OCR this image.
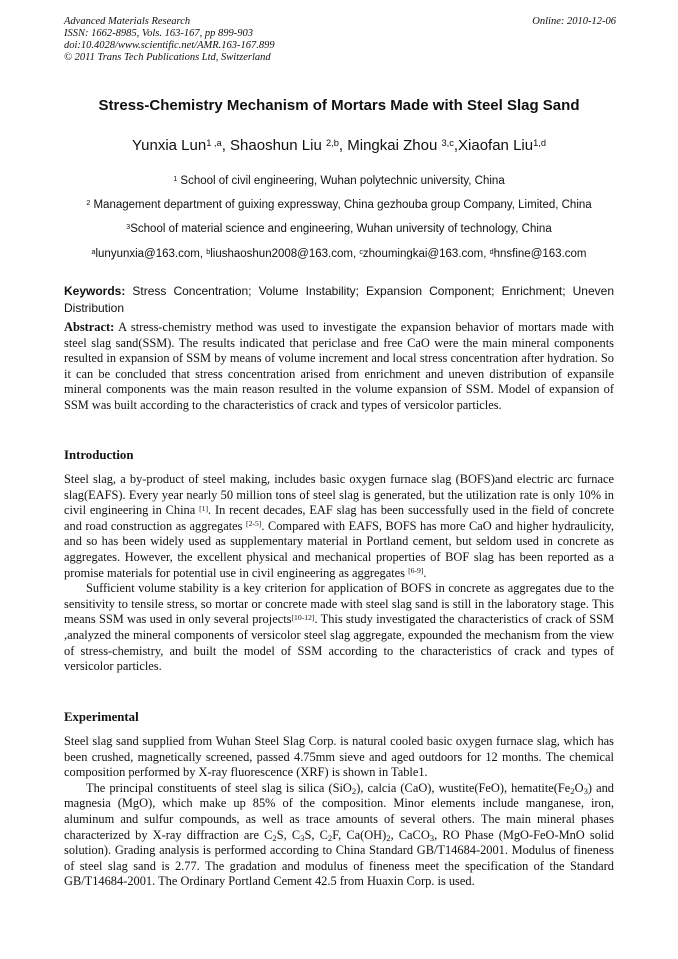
Advanced Materials Research	Online: 2010-12-06
ISSN: 1662-8985, Vols. 163-167, pp 899-903
doi:10.4028/www.scientific.net/AMR.163-167.899
© 2011 Trans Tech Publications Ltd, Switzerland
Stress-Chemistry Mechanism of Mortars Made with Steel Slag Sand
Yunxia Lun$^{1 ,a}$, Shaoshun Liu $^{2,b}$, Mingkai Zhou $^{3,c}$,Xiaofan Liu$^{1,d}$
$^1$ School of civil engineering, Wuhan polytechnic university, China
$^2$ Management department of guixing expressway, China gezhouba group Company, Limited, China
$^3$School of material science and engineering, Wuhan university of technology, China
$^a$lunyunxia@163.com, $^b$liushaoshun2008@163.com, $^c$zhoumingkai@163.com, $^d$hnsfine@163.com
Keywords: Stress Concentration; Volume Instability; Expansion Component; Enrichment; Uneven Distribution
Abstract: A stress-chemistry method was used to investigate the expansion behavior of mortars made with steel slag sand(SSM). The results indicated that periclase and free CaO were the main mineral components resulted in expansion of SSM by means of volume increment and local stress concentration after hydration. So it can be concluded that stress concentration arised from enrichment and uneven distribution of expansile mineral components was the main reason resulted in the volume expansion of SSM. Model of expansion of SSM was built according to the characteristics of crack and types of versicolor particles.
Introduction

Steel slag, a by-product of steel making, includes basic oxygen furnace slag (BOFS)and electric arc furnace slag(EAFS). Every year nearly 50 million tons of steel slag is generated, but the utilization rate is only 10% in civil engineering in China [1]. In recent decades, EAF slag has been successfully used in the field of concrete and road construction as aggregates [2-5]. Compared with EAFS, BOFS has more CaO and higher hydraulicity, and so has been widely used as supplementary material in Portland cement, but seldom used in concrete as aggregates. However, the excellent physical and mechanical properties of BOF slag has been reported as a promise materials for potential use in civil engineering as aggregates [6-9].

Sufficient volume stability is a key criterion for application of BOFS in concrete as aggregates due to the sensitivity to tensile stress, so mortar or concrete made with steel slag sand is still in the laboratory stage. This means SSM was used in only several projects[10-12]. This study investigated the characteristics of crack of SSM ,analyzed the mineral components of versicolor steel slag aggregate, expounded the mechanism from the view of stress-chemistry, and built the model of SSM according to the characteristics of crack and types of versicolor particles.

Experimental

Steel slag sand supplied from Wuhan Steel Slag Corp. is natural cooled basic oxygen furnace slag, which has been crushed, magnetically screened, passed 4.75mm sieve and aged outdoors for 12 months. The chemical composition performed by X-ray fluorescence (XRF) is shown in Table1.

The principal constituents of steel slag is silica (SiO$_2$), calcia (CaO), wustite(FeO), $hematite(Fe_2O_3)$ and magnesia (MgO), which make up 85% of the composition. Minor elements include manganese, iron, aluminum and sulfur compounds, as well as trace amounts of several others. The main mineral phases characterized by X-ray diffraction are $C_2S$, $C_3S$, $C_2F$, $Ca(OH)_2$, CaCO$_3$, RO Phase (MgO-FeO-MnO solid solution). Grading analysis is performed according to China Standard GB/T14684-2001. Modulus of fineness of steel slag sand is 2.77. The gradation and modulus of fineness meet the specification of the Standard GB/T14684-2001. The Ordinary Portland Cement 42.5 from Huaxin Corp. is used.
